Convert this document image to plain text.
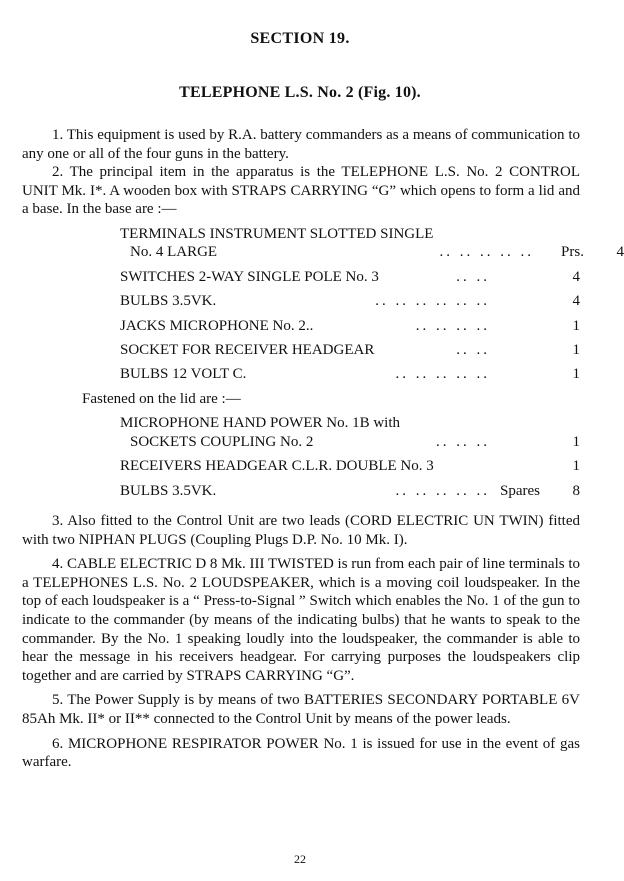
SECTION 19.
TELEPHONE L.S. No. 2 (Fig. 10).

1. This equipment is used by R.A. battery commanders as a means of communication to any one or all of the four guns in the battery.

2. The principal item in the apparatus is the TELEPHONE L.S. No. 2 CONTROL UNIT Mk. I*. A wooden box with STRAPS CARRYING “G” which opens to form a lid and a base. In the base are :—

TERMINALS INSTRUMENT SLOTTED SINGLE
No. 4 LARGE	.. .. .. .. ..	Prs.	4
SWITCHES 2-WAY SINGLE POLE No. 3	.. ..	4
BULBS 3.5VK.	.. .. .. .. .. ..	4
JACKS MICROPHONE No. 2..	.. .. .. ..	1
SOCKET FOR RECEIVER HEADGEAR	.. ..	1
BULBS 12 VOLT C.	.. .. .. .. ..	1

Fastened on the lid are :—

MICROPHONE HAND POWER No. 1B with
SOCKETS COUPLING No. 2	.. .. ..	1
RECEIVERS HEADGEAR C.L.R. DOUBLE No. 3	1
BULBS 3.5VK.	.. .. .. .. .. Spares	8

3. Also fitted to the Control Unit are two leads (CORD ELECTRIC UN TWIN) fitted with two NIPHAN PLUGS (Coupling Plugs D.P. No. 10 Mk. I).

4. CABLE ELECTRIC D 8 Mk. III TWISTED is run from each pair of line terminals to a TELEPHONES L.S. No. 2 LOUDSPEAKER, which is a moving coil loudspeaker. In the top of each loudspeaker is a “ Press-to-Signal ” Switch which enables the No. 1 of the gun to indicate to the commander (by means of the indicating bulbs) that he wants to speak to the commander. By the No. 1 speaking loudly into the loudspeaker, the commander is able to hear the message in his receivers headgear. For carrying purposes the loudspeakers clip together and are carried by STRAPS CARRYING “G”.

5. The Power Supply is by means of two BATTERIES SECONDARY PORTABLE 6V 85Ah Mk. II* or II** connected to the Control Unit by means of the power leads.

6. MICROPHONE RESPIRATOR POWER No. 1 is issued for use in the event of gas warfare.

22
